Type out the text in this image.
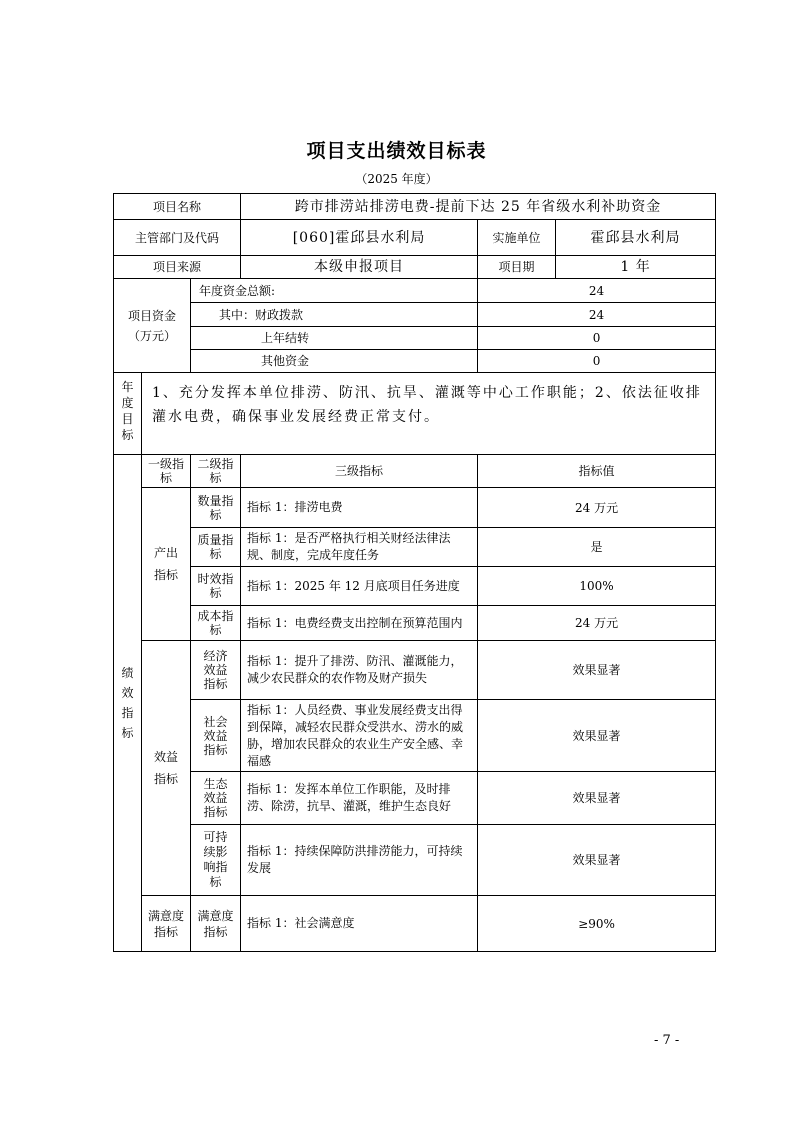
项目支出绩效目标表
（2025 年度）
项目名称			跨市排涝站排涝电费-提前下达 25 年省级水利补助资金		
主管部门及代码			[060]霍邱县水利局	实施单位	霍邱县水利局
项目来源			本级申报项目	项目期	1 年
项目资金（万元）		年度资金总额:		24	
		其中：财政拨款		24	
		上年结转		0	
		其他资金		0	
年度目标	1、充分发挥本单位排涝、防汛、抗旱、灌溉等中心工作职能；2、依法征收排灌水电费，确保事业发展经费正常支付。				
绩效指标	一级指标	二级指标	三级指标	指标值	
	产出指标	数量指标	指标 1：排涝电费	24 万元	
		质量指标	指标 1：是否严格执行相关财经法律法规、制度，完成年度任务	是	
		时效指标	指标 1：2025 年 12 月底项目任务进度	100%	
		成本指标	指标 1：电费经费支出控制在预算范围内	24 万元	
	效益指标	经济效益指标	指标 1：提升了排涝、防汛、灌溉能力，减少农民群众的农作物及财产损失	效果显著	
		社会效益指标	指标 1：人员经费、事业发展经费支出得到保障，减轻农民群众受洪水、涝水的威胁，增加农民群众的农业生产安全感、幸福感	效果显著	
		生态效益指标	指标 1：发挥本单位工作职能，及时排涝、除涝，抗旱、灌溉，维护生态良好	效果显著	
		可持续影响指标	指标 1：持续保障防洪排涝能力，可持续发展	效果显著	
	满意度指标	满意度指标	指标 1：社会满意度	≥90%	
- 7 -
